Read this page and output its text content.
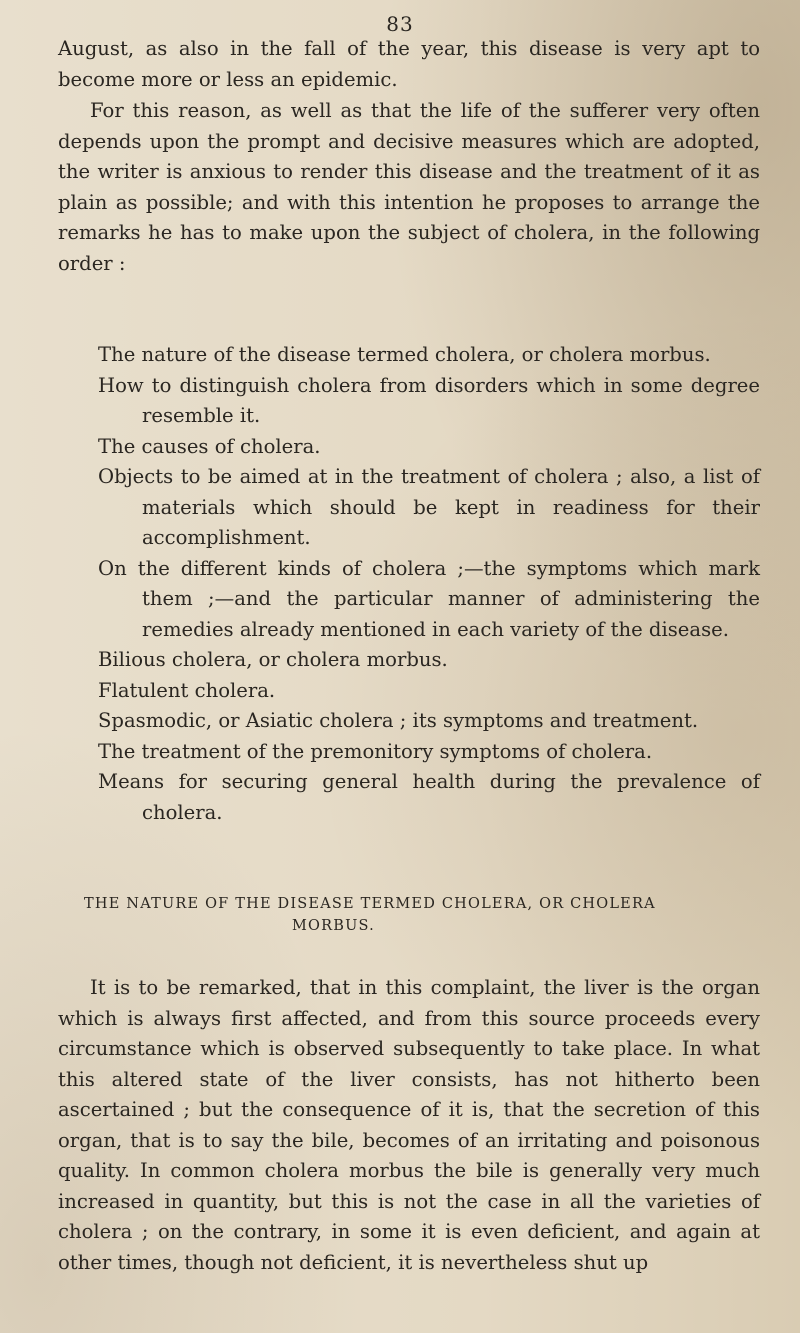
83

August, as also in the fall of the year, this disease is very apt to become more or less an epidemic.

For this reason, as well as that the life of the sufferer very often depends upon the prompt and decisive measures which are adopted, the writer is anxious to render this disease and the treatment of it as plain as possible; and with this intention he proposes to arrange the remarks he has to make upon the subject of cholera, in the following order :

The nature of the disease termed cholera, or cholera morbus.
How to distinguish cholera from disorders which in some degree resemble it.
The causes of cholera.
Objects to be aimed at in the treatment of cholera ; also, a list of materials which should be kept in readiness for their accomplishment.
On the different kinds of cholera ;—the symptoms which mark them ;—and the particular manner of administering the remedies already mentioned in each variety of the disease.
Bilious cholera, or cholera morbus.
Flatulent cholera.
Spasmodic, or Asiatic cholera ; its symptoms and treatment.
The treatment of the premonitory symptoms of cholera.
Means for securing general health during the prevalence of cholera.
THE NATURE OF THE DISEASE TERMED CHOLERA, OR CHOLERA
MORBUS.

It is to be remarked, that in this complaint, the liver is the organ which is always first affected, and from this source proceeds every circumstance which is observed subsequently to take place. In what this altered state of the liver consists, has not hitherto been ascertained ; but the consequence of it is, that the secretion of this organ, that is to say the bile, becomes of an irritating and poisonous quality. In common cholera morbus the bile is generally very much increased in quantity, but this is not the case in all the varieties of cholera ; on the contrary, in some it is even deficient, and again at other times, though not deficient, it is nevertheless shut up
